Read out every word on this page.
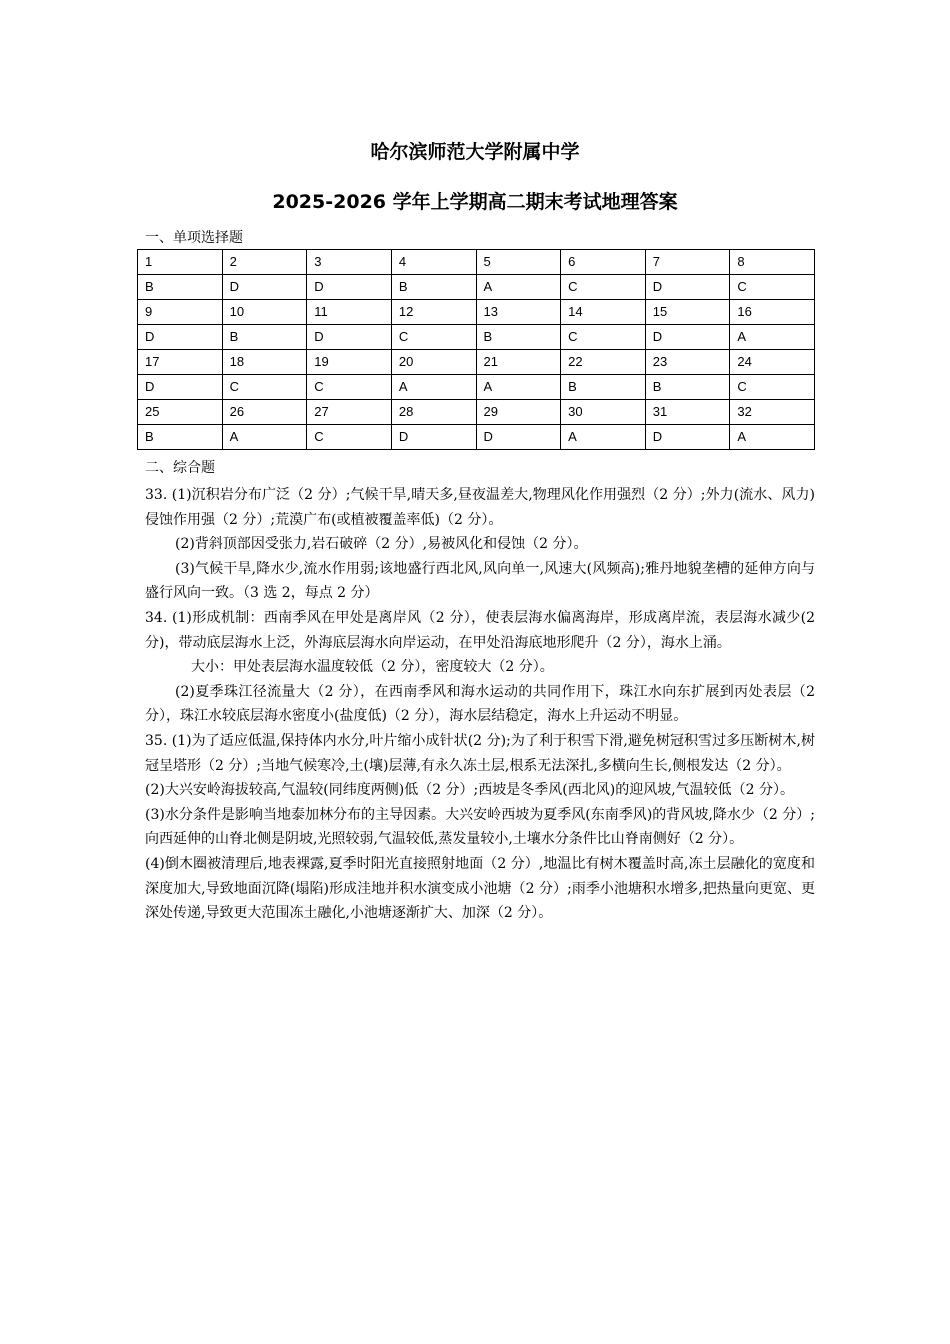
哈尔滨师范大学附属中学
2025-2026 学年上学期高二期末考试地理答案
一、单项选择题
1	2	3	4	5	6	7	8
B	D	D	B	A	C	D	C
9	10	11	12	13	14	15	16
D	B	D	C	B	C	D	A
17	18	19	20	21	22	23	24
D	C	C	A	A	B	B	C
25	26	27	28	29	30	31	32
B	A	C	D	D	A	D	A
二、综合题

33. (1)沉积岩分布广泛（2 分）;气候干旱,晴天多,昼夜温差大,物理风化作用强烈（2 分）;外力(流水、风力)侵蚀作用强（2 分）;荒漠广布(或植被覆盖率低)（2 分）。

(2)背斜顶部因受张力,岩石破碎（2 分）,易被风化和侵蚀（2 分）。

(3)气候干旱,降水少,流水作用弱;该地盛行西北风,风向单一,风速大(风频高);雅丹地貌垄槽的延伸方向与盛行风向一致。（3 选 2，每点 2 分）

34. (1)形成机制：西南季风在甲处是离岸风（2 分），使表层海水偏离海岸，形成离岸流，表层海水减少(2 分)，带动底层海水上泛，外海底层海水向岸运动，在甲处沿海底地形爬升（2 分），海水上涌。

大小：甲处表层海水温度较低（2 分），密度较大（2 分）。

(2)夏季珠江径流量大（2 分），在西南季风和海水运动的共同作用下，珠江水向东扩展到丙处表层（2 分），珠江水较底层海水密度小(盐度低)（2 分），海水层结稳定，海水上升运动不明显。

35. (1)为了适应低温,保持体内水分,叶片缩小成针状(2 分);为了利于积雪下滑,避免树冠积雪过多压断树木,树冠呈塔形（2 分）;当地气候寒冷,土(壤)层薄,有永久冻土层,根系无法深扎,多横向生长,侧根发达（2 分）。

(2)大兴安岭海拔较高,气温较(同纬度两侧)低（2 分）;西坡是冬季风(西北风)的迎风坡,气温较低（2 分）。

(3)水分条件是影响当地泰加林分布的主导因素。大兴安岭西坡为夏季风(东南季风)的背风坡,降水少（2 分）;向西延伸的山脊北侧是阴坡,光照较弱,气温较低,蒸发量较小,土壤水分条件比山脊南侧好（2 分）。

(4)倒木圈被清理后,地表裸露,夏季时阳光直接照射地面（2 分）,地温比有树木覆盖时高,冻土层融化的宽度和深度加大,导致地面沉降(塌陷)形成洼地并积水演变成小池塘（2 分）;雨季小池塘积水增多,把热量向更宽、更深处传递,导致更大范围冻土融化,小池塘逐渐扩大、加深（2 分）。
